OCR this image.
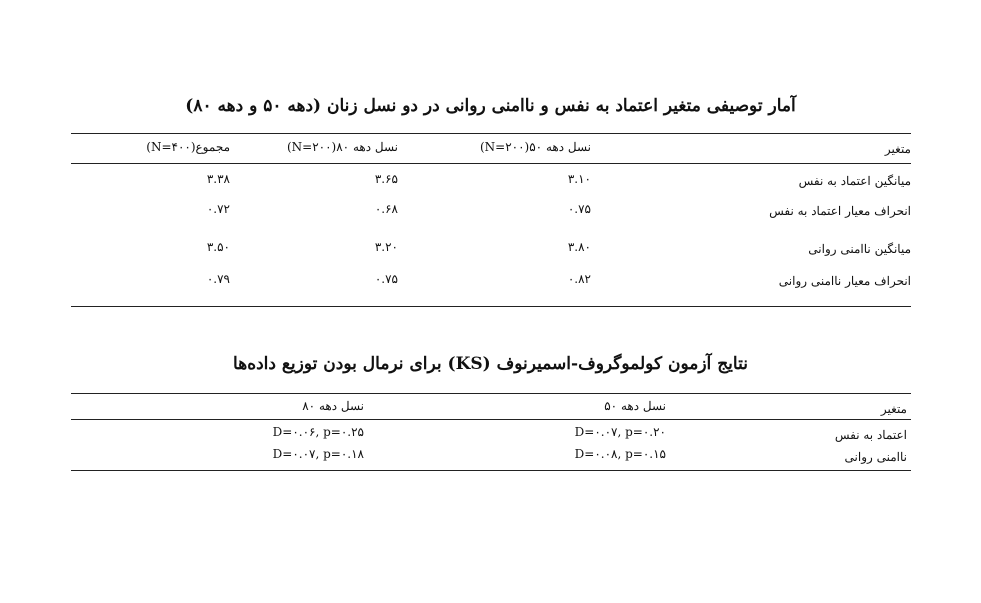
آمار توصیفی متغیر اعتماد به نفس و ناامنی روانی در دو نسل زنان (دهه ۵۰ و دهه ۸۰)
متغیر
نسل دهه ۵۰(N=۲۰۰)
نسل دهه ۸۰(N=۲۰۰)
مجموع(N=۴۰۰)
میانگین اعتماد به نفس
۳.۱۰
۳.۶۵
۳.۳۸
انحراف معیار اعتماد به نفس
۰.۷۵
۰.۶۸
۰.۷۲
میانگین ناامنی روانی
۳.۸۰
۳.۲۰
۳.۵۰
انحراف معیار ناامنی روانی
۰.۸۲
۰.۷۵
۰.۷۹
نتایج آزمون کولموگروف-اسمیرنوف (KS) برای نرمال بودن توزیع داده‌ها
متغیر
نسل دهه ۵۰
نسل دهه ۸۰
اعتماد به نفس
D=۰.۰۷, p=۰.۲۰
D=۰.۰۶, p=۰.۲۵
ناامنی روانی
D=۰.۰۸, p=۰.۱۵
D=۰.۰۷, p=۰.۱۸
